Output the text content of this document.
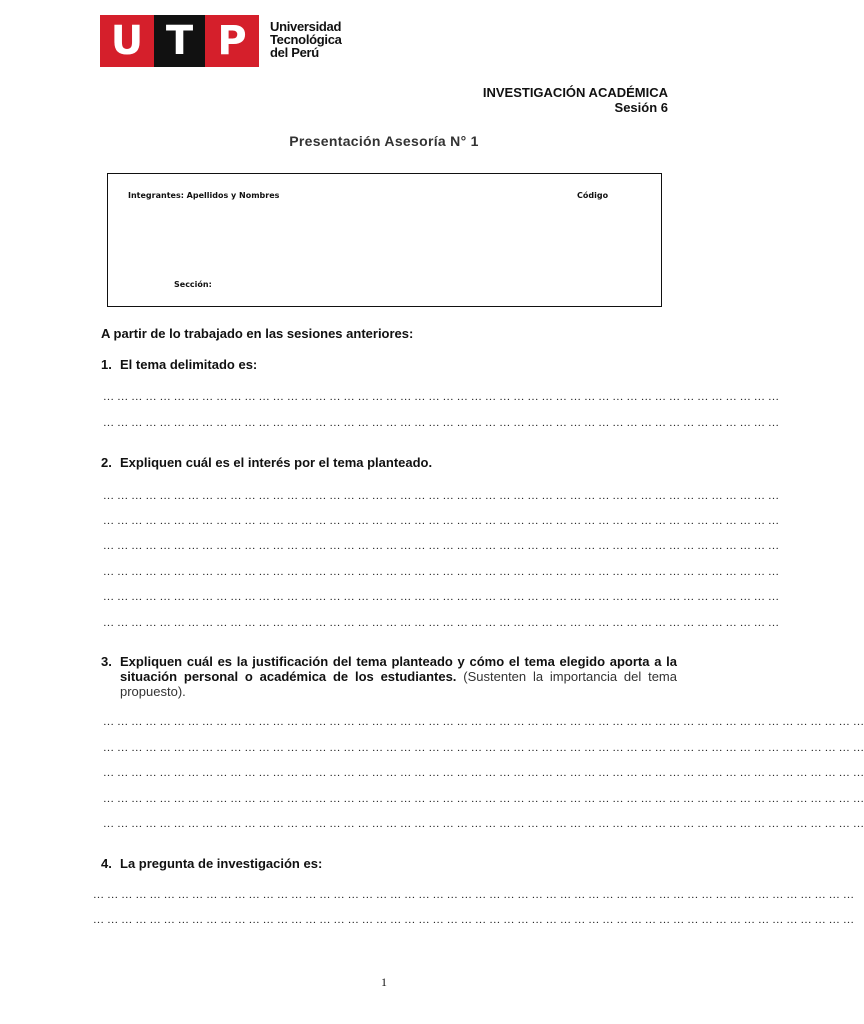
U T P	Universidad
Tecnológica
del Perú
INVESTIGACIÓN ACADÉMICA
Sesión 6
Presentación Asesoría N° 1
Integrantes: Apellidos y Nombres	Código
Sección:
A partir de lo trabajado en las sesiones anteriores:
1. El tema delimitado es:
… … … … … … … … … … … … … … … … … … … … … … … … … … … … … … … … … … … … … … … … … … … … … … … …
… … … … … … … … … … … … … … … … … … … … … … … … … … … … … … … … … … … … … … … … … … … … … … … …
2. Expliquen cuál es el interés por el tema planteado.
… … … … … … … … … … … … … … … … … … … … … … … … … … … … … … … … … … … … … … … … … … … … … … … …
… … … … … … … … … … … … … … … … … … … … … … … … … … … … … … … … … … … … … … … … … … … … … … … …
… … … … … … … … … … … … … … … … … … … … … … … … … … … … … … … … … … … … … … … … … … … … … … … …
… … … … … … … … … … … … … … … … … … … … … … … … … … … … … … … … … … … … … … … … … … … … … … … …
… … … … … … … … … … … … … … … … … … … … … … … … … … … … … … … … … … … … … … … … … … … … … … … …
… … … … … … … … … … … … … … … … … … … … … … … … … … … … … … … … … … … … … … … … … … … … … … … …
3. Expliquen cuál es la justificación del tema planteado y cómo el tema elegido aporta a la situación personal o académica de los estudiantes. (Sustenten la importancia del tema propuesto).
… … … … … … … … … … … … … … … … … … … … … … … … … … … … … … … … … … … … … … … … … … … … … … … … … … … … … …
… … … … … … … … … … … … … … … … … … … … … … … … … … … … … … … … … … … … … … … … … … … … … … … … … … … … … …
… … … … … … … … … … … … … … … … … … … … … … … … … … … … … … … … … … … … … … … … … … … … … … … … … … … … … …
… … … … … … … … … … … … … … … … … … … … … … … … … … … … … … … … … … … … … … … … … … … … … … … … … … … … … …
… … … … … … … … … … … … … … … … … … … … … … … … … … … … … … … … … … … … … … … … … … … … … … … … … … … … … …
4. La pregunta de investigación es:
… … … … … … … … … … … … … … … … … … … … … … … … … … … … … … … … … … … … … … … … … … … … … … … … … … … … … …
… … … … … … … … … … … … … … … … … … … … … … … … … … … … … … … … … … … … … … … … … … … … … … … … … … … … … …
1
